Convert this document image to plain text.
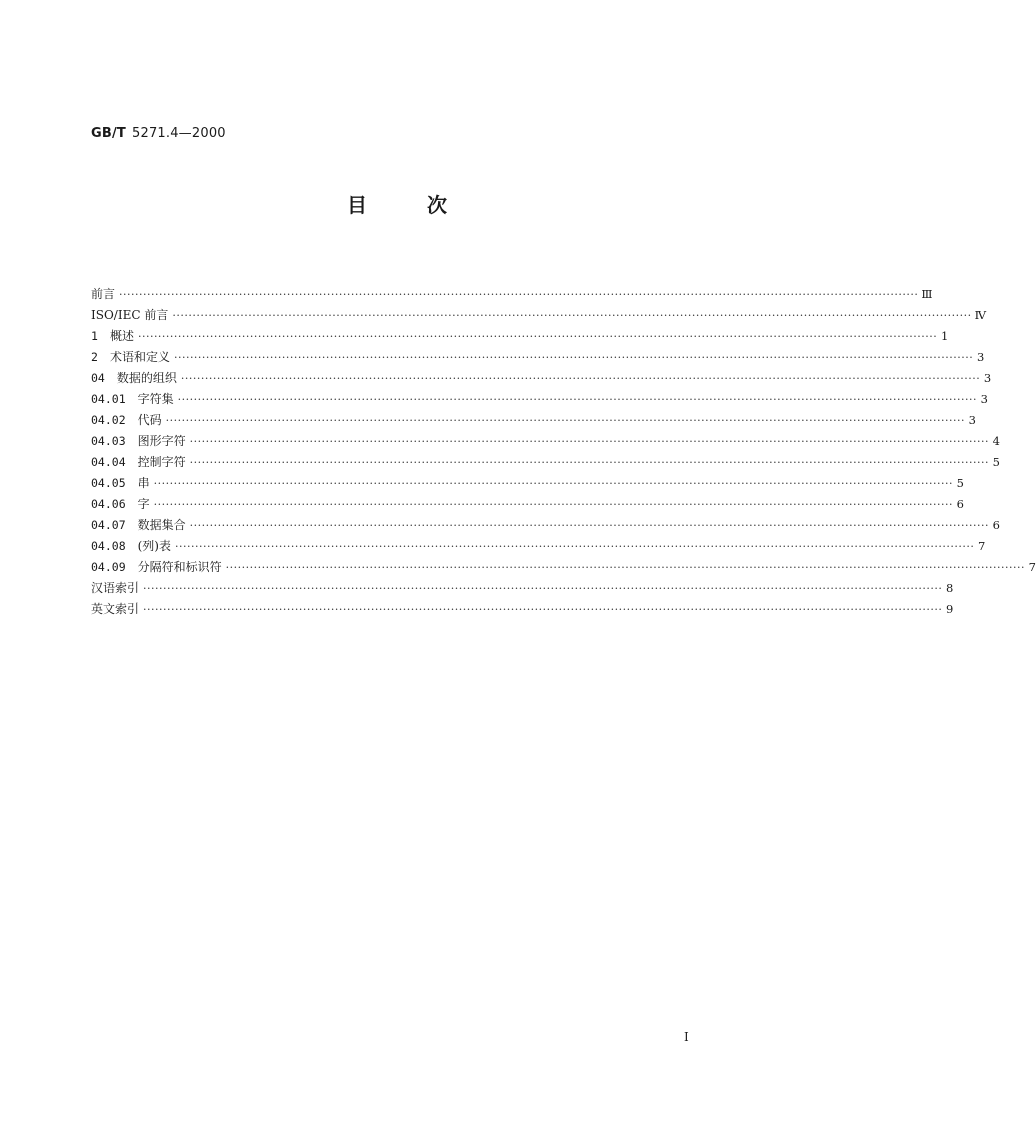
GB/T 5271.4—2000
目	次
前言 ········································································································································································································ Ⅲ
ISO/IEC 前言 ········································································································································································································ Ⅳ
1 概述 ········································································································································································································ 1
2 术语和定义 ········································································································································································································ 3
04 数据的组织 ········································································································································································································ 3
04.01 字符集 ········································································································································································································ 3
04.02 代码 ········································································································································································································ 3
04.03 图形字符 ········································································································································································································ 4
04.04 控制字符 ········································································································································································································ 5
04.05 串 ········································································································································································································ 5
04.06 字 ········································································································································································································ 6
04.07 数据集合 ········································································································································································································ 6
04.08 (列)表 ········································································································································································································ 7
04.09 分隔符和标识符 ········································································································································································································ 7
汉语索引 ········································································································································································································ 8
英文索引 ········································································································································································································ 9
Ⅰ
